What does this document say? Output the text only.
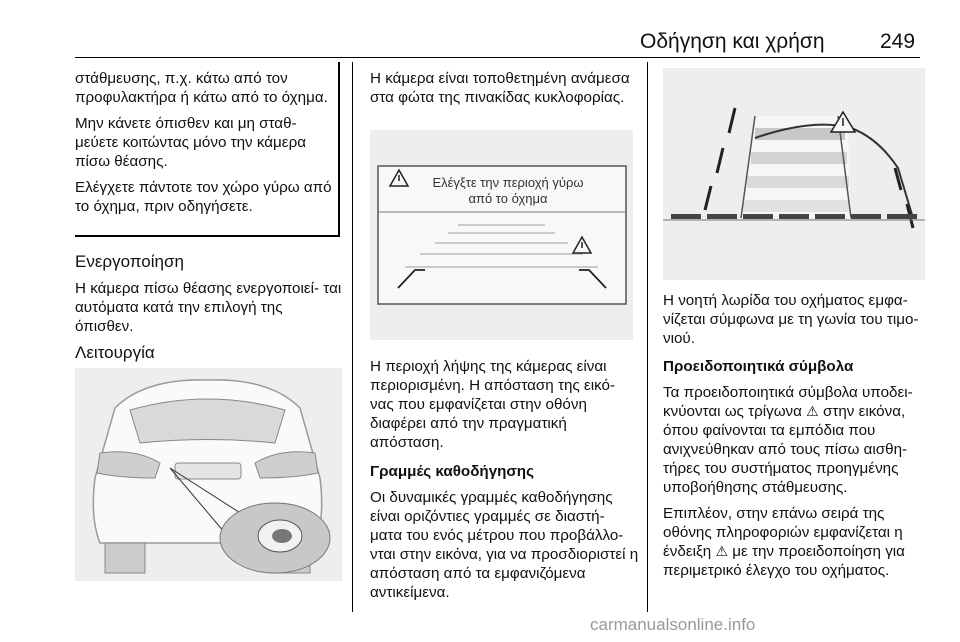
Οδήγηση και χρήση	249

στάθμευσης, π.χ. κάτω από τον προφυλακτήρα ή κάτω από το όχημα.

Μην κάνετε όπισθεν και μη σταθ- μεύετε κοιτώντας μόνο την κάμερα πίσω θέασης.

Ελέγχετε πάντοτε τον χώρο γύρω από το όχημα, πριν οδηγήσετε.

Ενεργοποίηση

Η κάμερα πίσω θέασης ενεργοποιεί- ται αυτόματα κατά την επιλογή της όπισθεν.

Λειτουργία

Η κάμερα είναι τοποθετημένη ανάμεσα στα φώτα της πινακίδας κυκλοφορίας.

Ελέγξτε την περιοχή γύρω
από το όχημα

Η περιοχή λήψης της κάμερας είναι περιορισμένη. Η απόσταση της εικό- νας που εμφανίζεται στην οθόνη διαφέρει από την πραγματική απόσταση.

Γραμμές καθοδήγησης

Οι δυναμικές γραμμές καθοδήγησης είναι οριζόντιες γραμμές σε διαστή- ματα του ενός μέτρου που προβάλλο- νται στην εικόνα, για να προσδιοριστεί η απόσταση από τα εμφανιζόμενα αντικείμενα.

Η νοητή λωρίδα του οχήματος εμφα- νίζεται σύμφωνα με τη γωνία του τιμο- νιού.

Προειδοποιητικά σύμβολα

Τα προειδοποιητικά σύμβολα υποδει- κνύονται ως τρίγωνα ⚠ στην εικόνα, όπου φαίνονται τα εμπόδια που ανιχνεύθηκαν από τους πίσω αισθη- τήρες του συστήματος προηγμένης υποβοήθησης στάθμευσης.

Επιπλέον, στην επάνω σειρά της οθόνης πληροφοριών εμφανίζεται η ένδειξη ⚠ με την προειδοποίηση για περιμετρικό έλεγχο του οχήματος.

carmanualsonline.info
